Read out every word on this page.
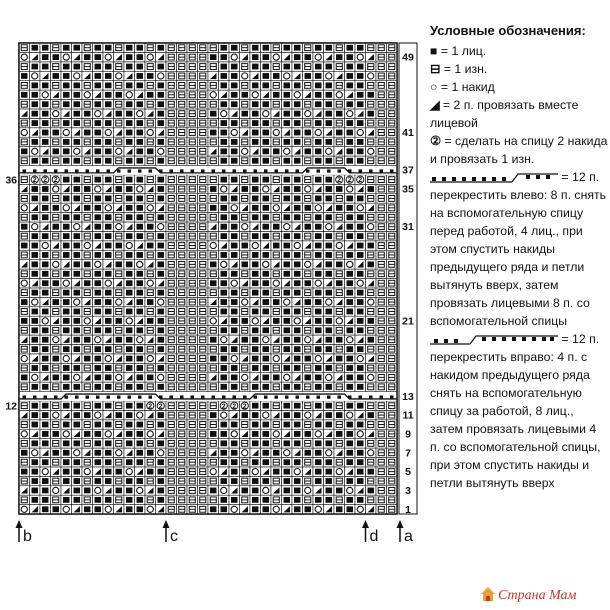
2 2	2 2 2
2 2 2	2 2 2
49
41
37
35
31
21
13
11
9
7
5
3
1
36
12
b	c	d a
Условные обозначения:
■ = 1 лиц.
⊟ = 1 изн.
○ = 1 накид
◢ = 2 п. провязать вместе лицевой
② = сделать на спицу 2 накида и провязать 1 изн.
= 12 п. перекрестить влево: 8 п. снять на вспомогательную спицу перед работой, 4 лиц., при этом спустить накиды предыдущего ряда и петли вытянуть вверх, затем провязать лицевыми 8 п. со вспомогательной спицы
= 12 п. перекрестить вправо: 4 п. с накидом предыдущего ряда снять на вспомогательную спицу за работой, 8 лиц., затем провязать лицевыми 4 п. со вспомогательной спицы, при этом спустить накиды и петли вытянуть вверх
Страна Мам
